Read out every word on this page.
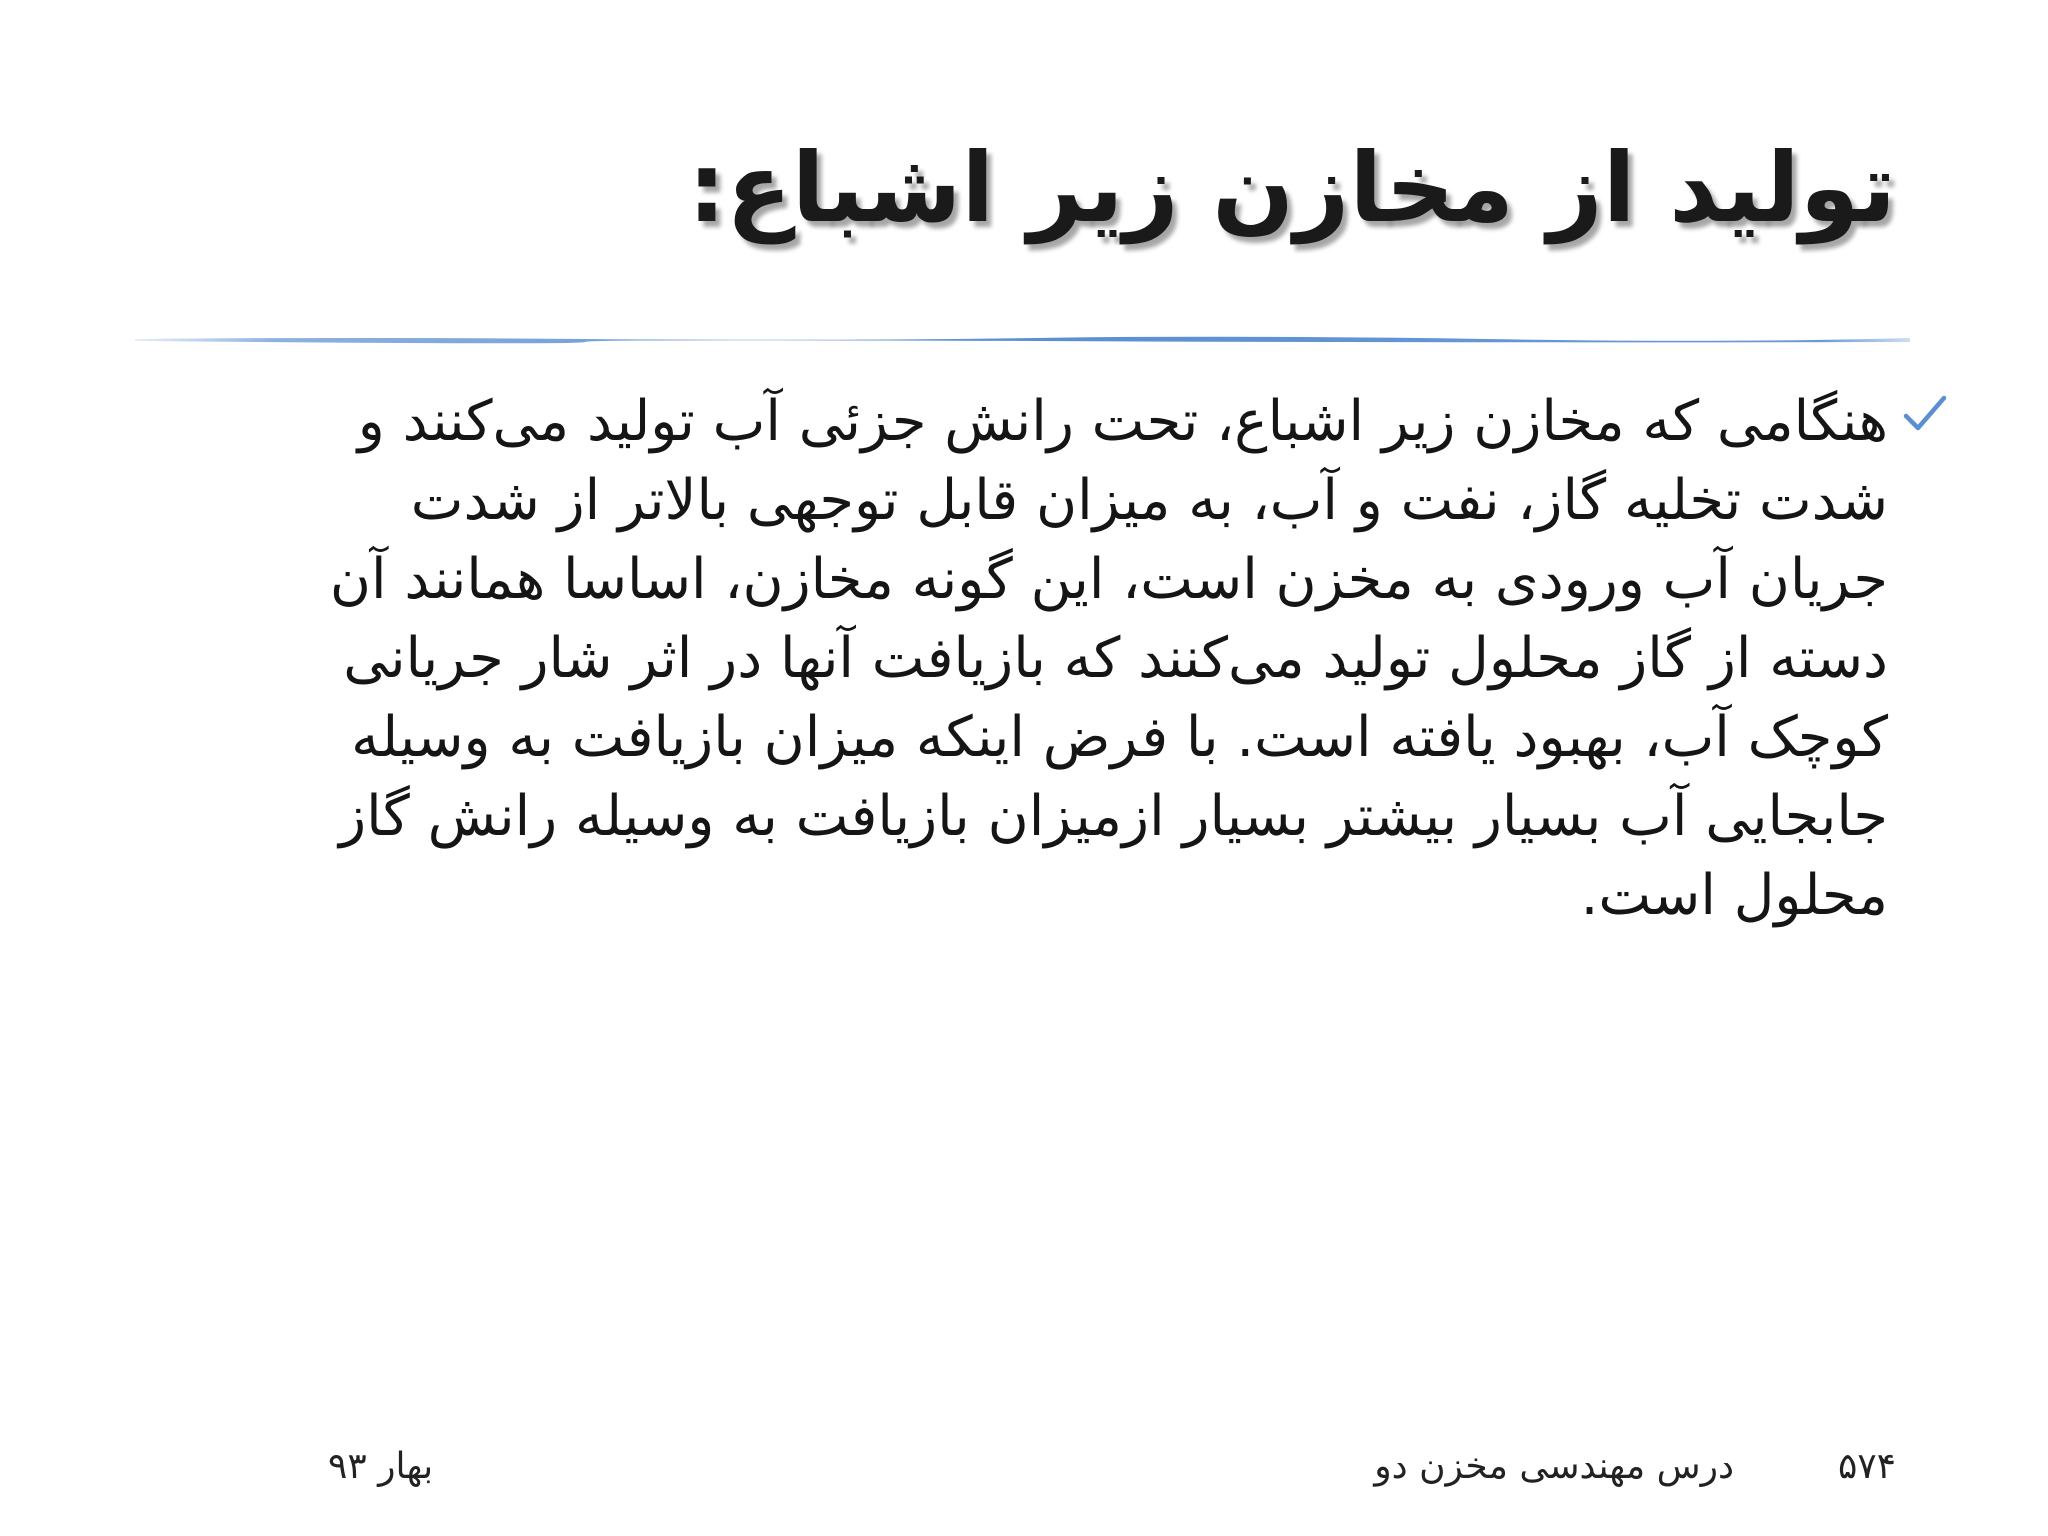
تولید از مخازن زیر اشباع:

هنگامی که مخازن زیر اشباع، تحت رانش جزئی آب تولید می‌کنند و
شدت تخلیه گاز، نفت و آب، به میزان قابل توجهی بالاتر از شدت
جریان آب ورودی به مخزن است، این گونه مخازن، اساسا همانند آن
دسته از گاز محلول تولید می‌کنند که بازیافت آنها در اثر شار جریانی
کوچک آب، بهبود یافته است. با فرض اینکه میزان بازیافت به وسیله
جابجایی آب بسیار بیشتر بسیار ازمیزان بازیافت به وسیله رانش گاز
محلول است.

۵۷۴
درس مهندسی مخزن دو
بهار ۹۳
